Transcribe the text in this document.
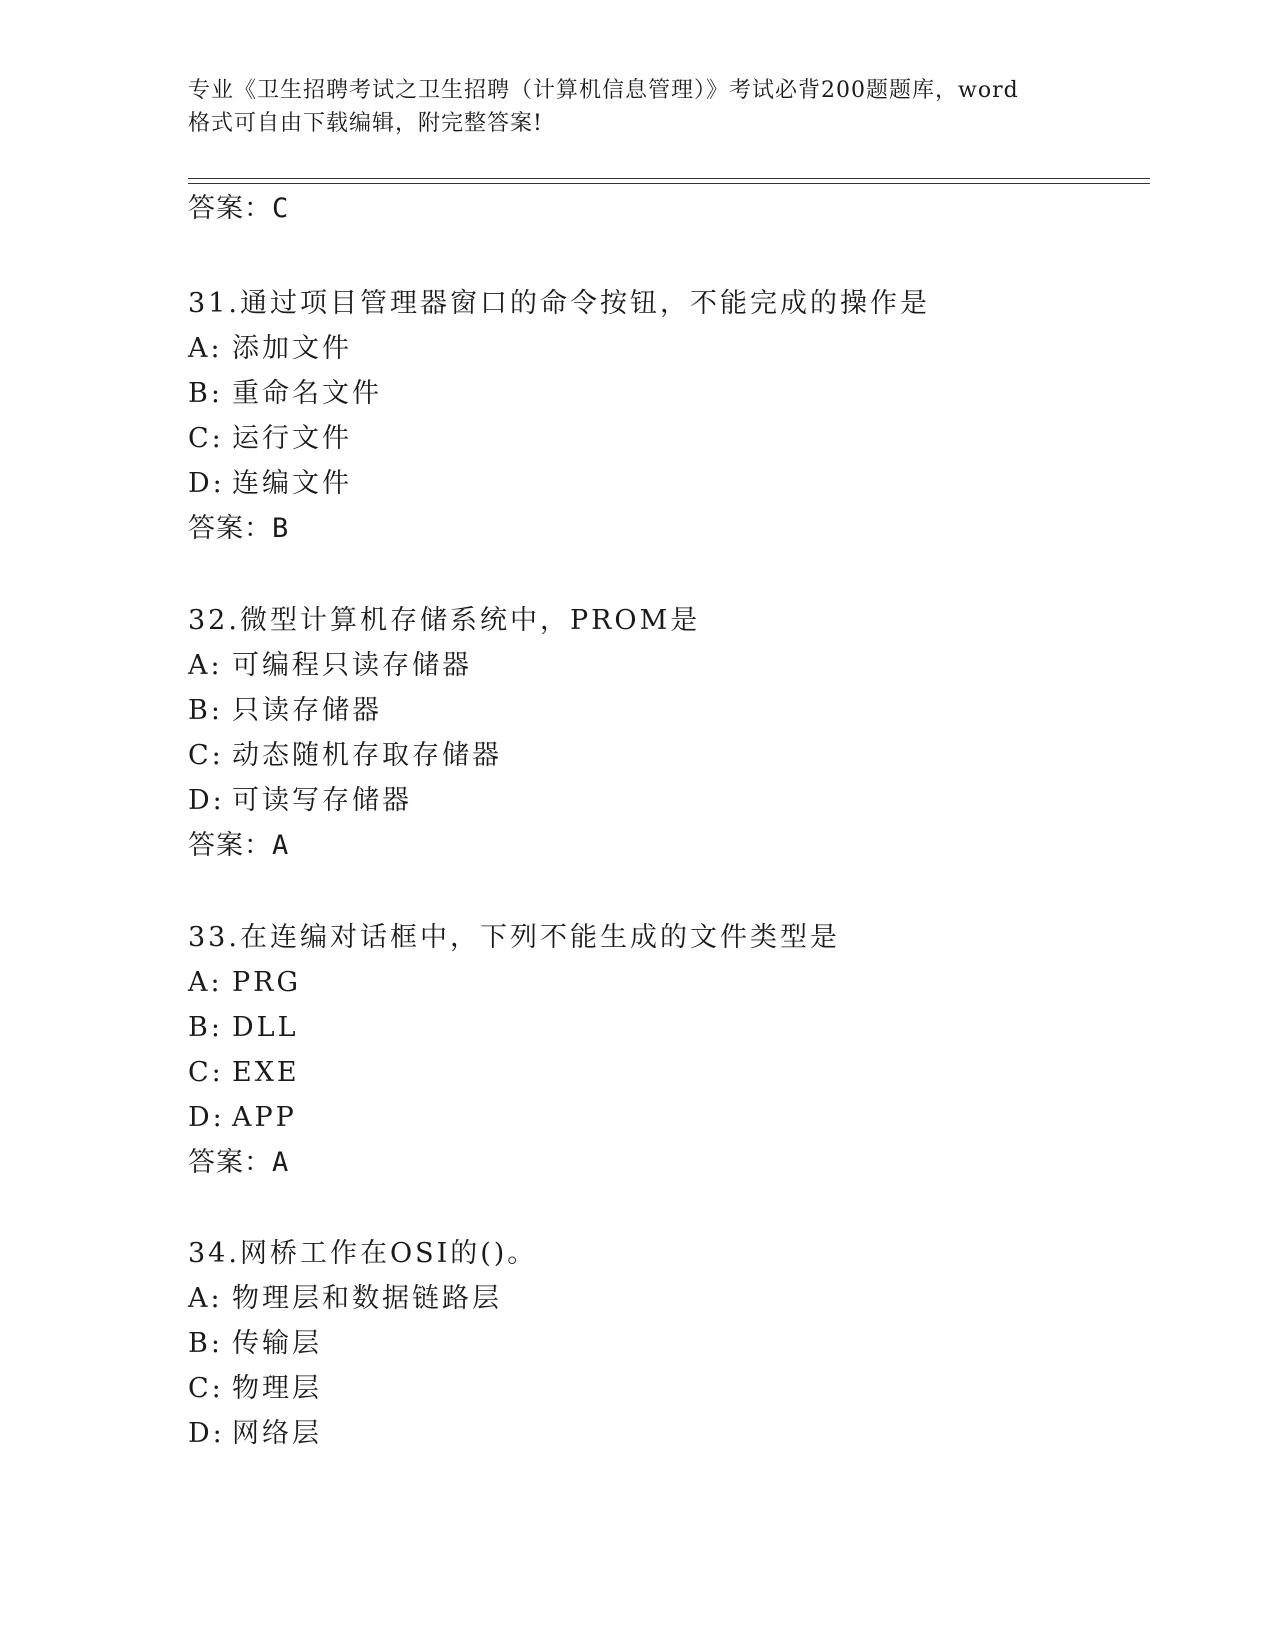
专业《卫生招聘考试之卫生招聘（计算机信息管理）》考试必背200题题库，word
格式可自由下载编辑，附完整答案!
答案：C
31.通过项目管理器窗口的命令按钮，不能完成的操作是
A: 添加文件
B: 重命名文件
C: 运行文件
D: 连编文件
答案：B
32.微型计算机存储系统中，PROM是
A: 可编程只读存储器
B: 只读存储器
C: 动态随机存取存储器
D: 可读写存储器
答案：A
33.在连编对话框中，下列不能生成的文件类型是
A: PRG
B: DLL
C: EXE
D: APP
答案：A
34.网桥工作在OSI的()。
A: 物理层和数据链路层
B: 传输层
C: 物理层
D: 网络层
